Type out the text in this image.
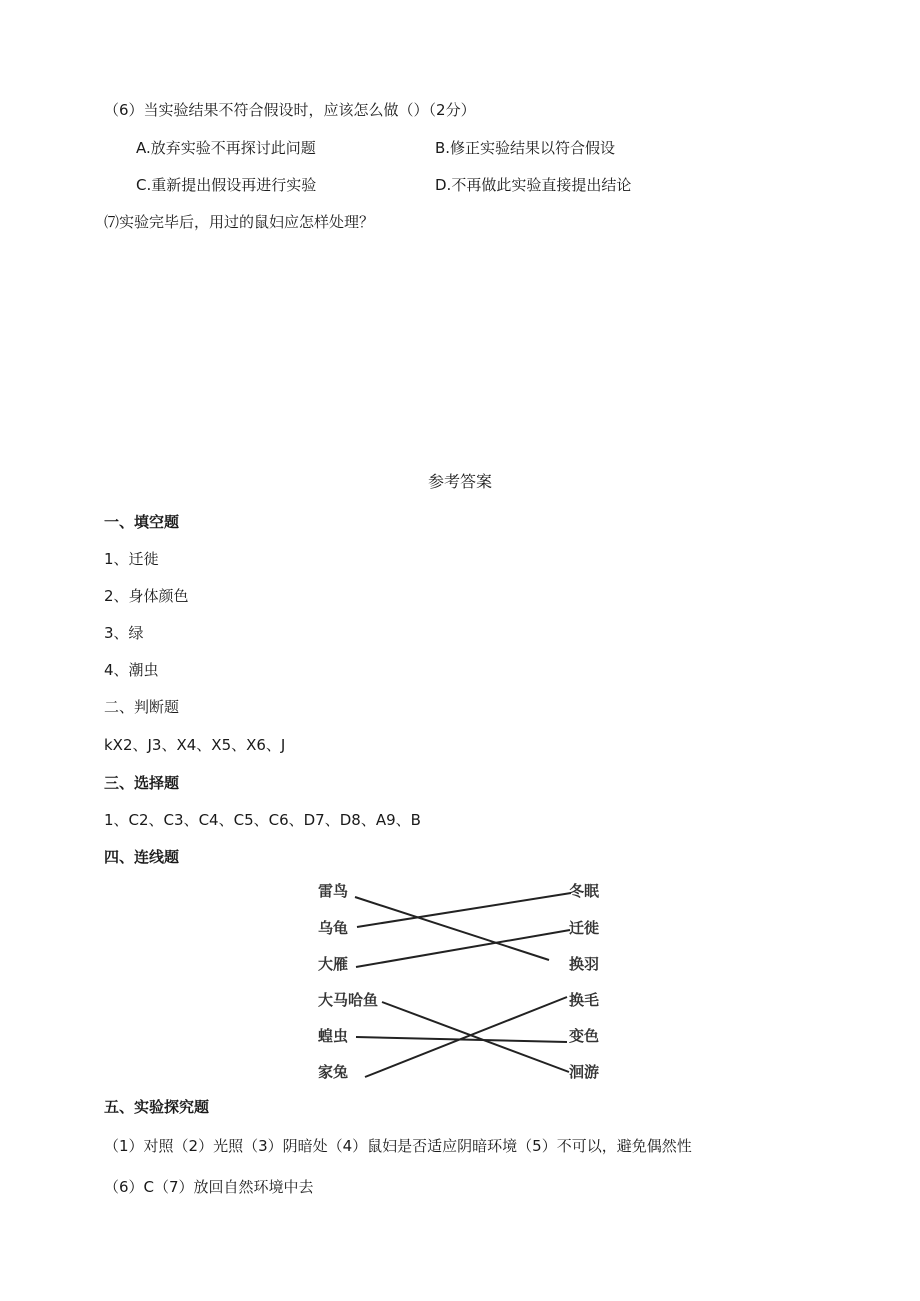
（6）当实验结果不符合假设时，应该怎么做（）（2分）
A.放弃实验不再探讨此问题	B.修正实验结果以符合假设
C.重新提出假设再进行实验	D.不再做此实验直接提出结论
⑺实验完毕后，用过的鼠妇应怎样处理？
参考答案
一、填空题
1、迁徙
2、身体颜色
3、绿
4、潮虫
二、判断题
kX2、J3、X4、X5、X6、J
三、选择题
1、C2、C3、C4、C5、C6、D7、D8、A9、B
四、连线题
雷鸟
乌龟
大雁
大马哈鱼
蝗虫
家兔
冬眠
迁徙
换羽
换毛
变色
洄游
五、实验探究题
（1）对照（2）光照（3）阴暗处（4）鼠妇是否适应阴暗环境（5）不可以，避免偶然性
（6）C（7）放回自然环境中去
